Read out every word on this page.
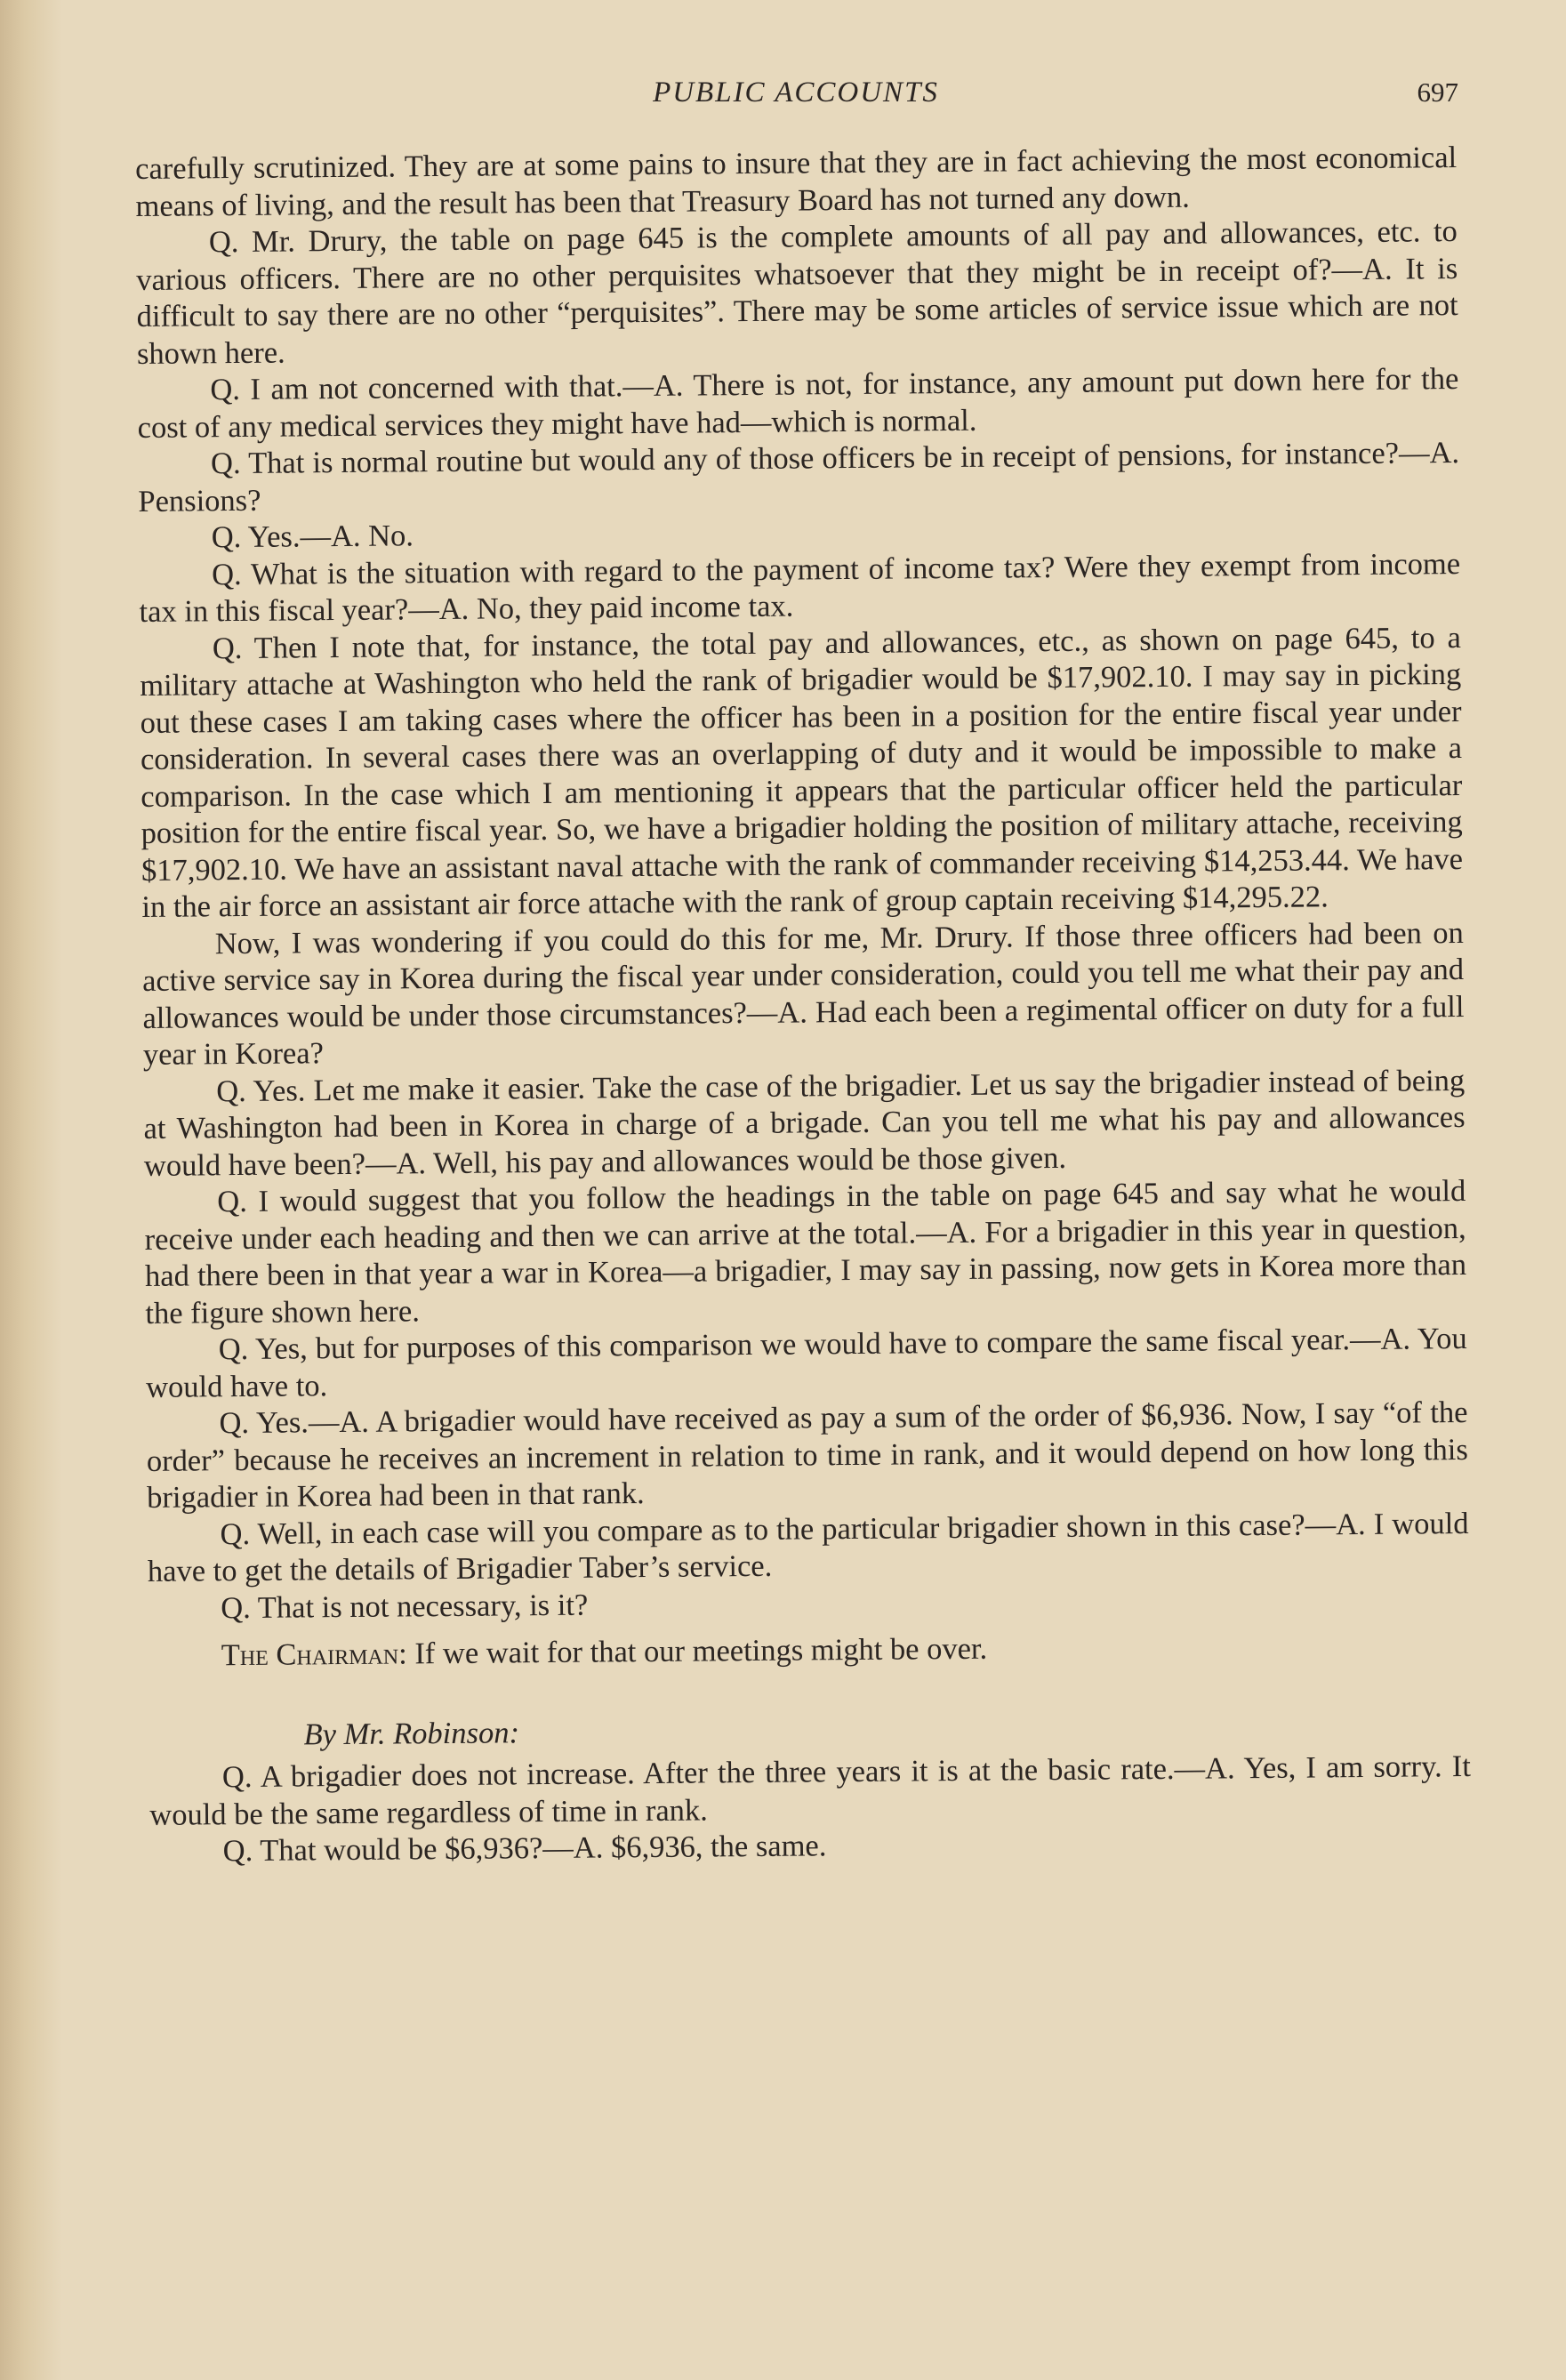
PUBLIC ACCOUNTS	697

carefully scrutinized. They are at some pains to insure that they are in fact achieving the most economical means of living, and the result has been that Treasury Board has not turned any down.

Q. Mr. Drury, the table on page 645 is the complete amounts of all pay and allowances, etc. to various officers. There are no other perquisites whatsoever that they might be in receipt of?—A. It is difficult to say there are no other “perquisites”. There may be some articles of service issue which are not shown here.

Q. I am not concerned with that.—A. There is not, for instance, any amount put down here for the cost of any medical services they might have had—which is normal.

Q. That is normal routine but would any of those officers be in receipt of pensions, for instance?—A. Pensions?

Q. Yes.—A. No.

Q. What is the situation with regard to the payment of income tax? Were they exempt from income tax in this fiscal year?—A. No, they paid income tax.

Q. Then I note that, for instance, the total pay and allowances, etc., as shown on page 645, to a military attache at Washington who held the rank of brigadier would be $17,902.10. I may say in picking out these cases I am taking cases where the officer has been in a position for the entire fiscal year under consideration. In several cases there was an overlapping of duty and it would be impossible to make a comparison. In the case which I am mentioning it appears that the particular officer held the particular position for the entire fiscal year. So, we have a brigadier holding the position of military attache, receiving $17,902.10. We have an assistant naval attache with the rank of commander receiving $14,253.44. We have in the air force an assistant air force attache with the rank of group captain receiving $14,295.22.

Now, I was wondering if you could do this for me, Mr. Drury. If those three officers had been on active service say in Korea during the fiscal year under consideration, could you tell me what their pay and allowances would be under those circumstances?—A. Had each been a regimental officer on duty for a full year in Korea?

Q. Yes. Let me make it easier. Take the case of the brigadier. Let us say the brigadier instead of being at Washington had been in Korea in charge of a brigade. Can you tell me what his pay and allowances would have been?—A. Well, his pay and allowances would be those given.

Q. I would suggest that you follow the headings in the table on page 645 and say what he would receive under each heading and then we can arrive at the total.—A. For a brigadier in this year in question, had there been in that year a war in Korea—a brigadier, I may say in passing, now gets in Korea more than the figure shown here.

Q. Yes, but for purposes of this comparison we would have to compare the same fiscal year.—A. You would have to.

Q. Yes.—A. A brigadier would have received as pay a sum of the order of $6,936. Now, I say “of the order” because he receives an increment in relation to time in rank, and it would depend on how long this brigadier in Korea had been in that rank.

Q. Well, in each case will you compare as to the particular brigadier shown in this case?—A. I would have to get the details of Brigadier Taber’s service.

Q. That is not necessary, is it?

The Chairman: If we wait for that our meetings might be over.

By Mr. Robinson:

Q. A brigadier does not increase. After the three years it is at the basic rate.—A. Yes, I am sorry. It would be the same regardless of time in rank.

Q. That would be $6,936?—A. $6,936, the same.
